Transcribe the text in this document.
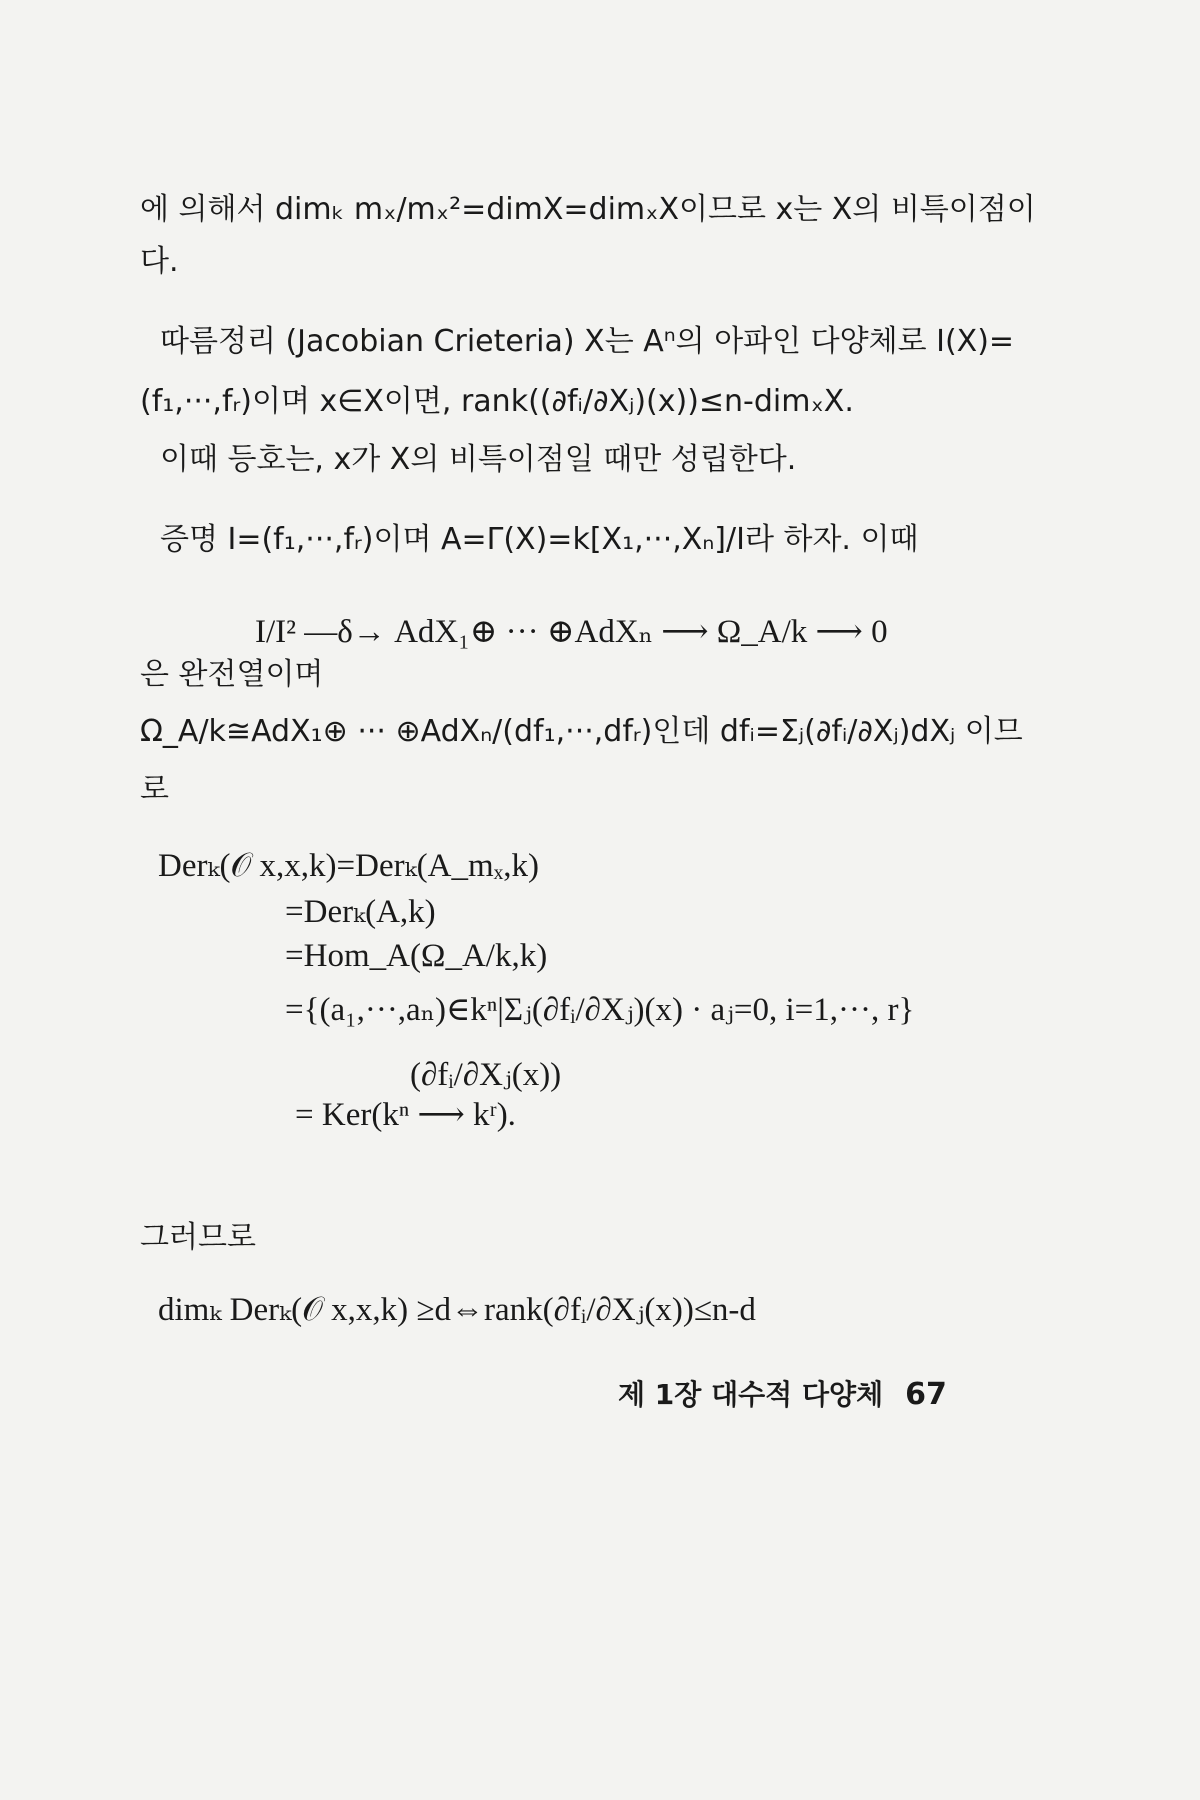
에 의해서 dimₖ mₓ/mₓ²=dimX=dimₓX이므로 x는 X의 비특이점이
다.
따름정리 (Jacobian Crieteria) X는 Aⁿ의 아파인 다양체로 I(X)=
(f₁,···,fᵣ)이며 x∈X이면, rank((∂fᵢ/∂Xⱼ)(x))≤n-dimₓX.
이때 등호는, x가 X의 비특이점일 때만 성립한다.
증명 I=(f₁,···,fᵣ)이며 A=Γ(X)=k[X₁,···,Xₙ]/I라 하자. 이때
I/I² —δ→ AdX₁⊕ ··· ⊕AdXₙ ⟶ Ω_A/k ⟶ 0
은 완전열이며
Ω_A/k≅AdX₁⊕ ··· ⊕AdXₙ/(df₁,···,dfᵣ)인데 dfᵢ=Σⱼ(∂fᵢ/∂Xⱼ)dXⱼ 이므
로
Derₖ(𝒪 x,x,k)=Derₖ(A_mₓ,k)
=Derₖ(A,k)
=Hom_A(Ω_A/k,k)
={(a₁,···,aₙ)∈kⁿ|Σⱼ(∂fᵢ/∂Xⱼ)(x) · aⱼ=0, i=1,···, r}
(∂fᵢ/∂Xⱼ(x))
= Ker(kⁿ ⟶ kʳ).
그러므로
dimₖ Derₖ(𝒪 x,x,k) ≥d⇔rank(∂fᵢ/∂Xⱼ(x))≤n-d
제 1장 대수적 다양체 67
